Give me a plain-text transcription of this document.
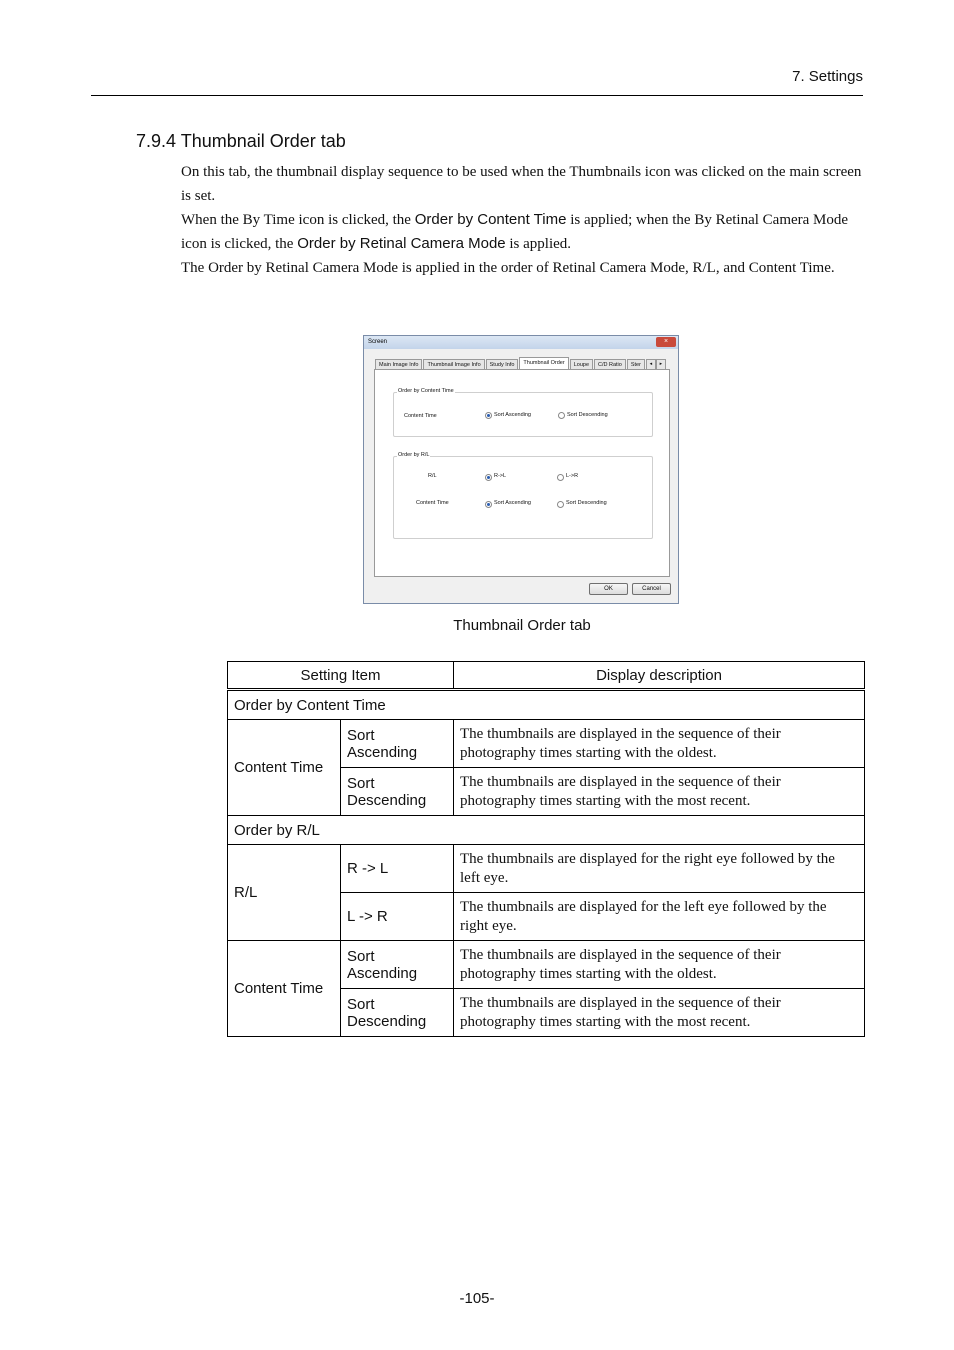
7. Settings
7.9.4 Thumbnail Order tab

On this tab, the thumbnail display sequence to be used when the Thumbnails icon was clicked on the main screen is set.

When the By Time icon is clicked, the Order by Content Time is applied; when the By Retinal Camera Mode icon is clicked, the Order by Retinal Camera Mode is applied.

The Order by Retinal Camera Mode is applied in the order of Retinal Camera Mode, R/L, and Content Time.

Screen	×
Main Image Info	Thumbnail Image Info	Study Info	Thumbnail Order	Loupe	C/D Ratio	Ster	◂	▸
Order by Content Time
Content Time	Sort Ascending	Sort Descending
Order by R/L
R/L	R->L	L->R
Content Time	Sort Ascending	Sort Descending
OK	Cancel
Thumbnail Order tab
Setting Item		Display description
Order by Content Time		
Content Time	Sort Ascending	The thumbnails are displayed in the sequence of their photography times starting with the oldest.
	Sort Descending	The thumbnails are displayed in the sequence of their photography times starting with the most recent.
Order by R/L		
R/L	R -> L	The thumbnails are displayed for the right eye followed by the left eye.
	L -> R	The thumbnails are displayed for the left eye followed by the right eye.
Content Time	Sort Ascending	The thumbnails are displayed in the sequence of their photography times starting with the oldest.
	Sort Descending	The thumbnails are displayed in the sequence of their photography times starting with the most recent.
-105-
